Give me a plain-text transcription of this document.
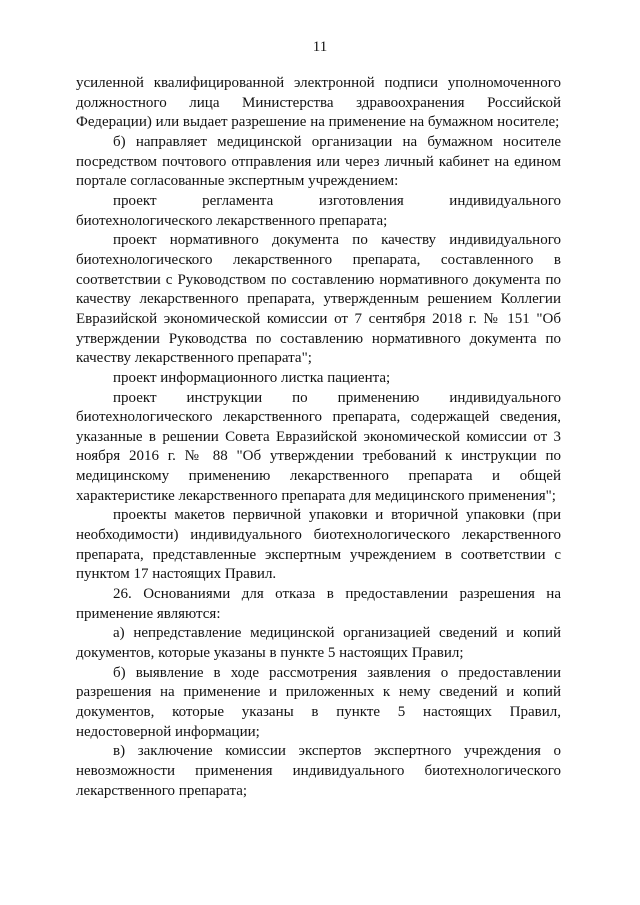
11

усиленной квалифицированной электронной подписи уполномоченного должностного лица Министерства здравоохранения Российской Федерации) или выдает разрешение на применение на бумажном носителе;

б) направляет медицинской организации на бумажном носителе посредством почтового отправления или через личный кабинет на едином портале согласованные экспертным учреждением:

проект регламента изготовления индивидуального биотехнологического лекарственного препарата;

проект нормативного документа по качеству индивидуального биотехнологического лекарственного препарата, составленного в соответствии с Руководством по составлению нормативного документа по качеству лекарственного препарата, утвержденным решением Коллегии Евразийской экономической комиссии от 7 сентября 2018 г. № 151 "Об утверждении Руководства по составлению нормативного документа по качеству лекарственного препарата";

проект информационного листка пациента;

проект инструкции по применению индивидуального биотехнологического лекарственного препарата, содержащей сведения, указанные в решении Совета Евразийской экономической комиссии от 3 ноября 2016 г. № 88 "Об утверждении требований к инструкции по медицинскому применению лекарственного препарата и общей характеристике лекарственного препарата для медицинского применения";

проекты макетов первичной упаковки и вторичной упаковки (при необходимости) индивидуального биотехнологического лекарственного препарата, представленные экспертным учреждением в соответствии с пунктом 17 настоящих Правил.

26. Основаниями для отказа в предоставлении разрешения на применение являются:

а) непредставление медицинской организацией сведений и копий документов, которые указаны в пункте 5 настоящих Правил;

б) выявление в ходе рассмотрения заявления о предоставлении разрешения на применение и приложенных к нему сведений и копий документов, которые указаны в пункте 5 настоящих Правил, недостоверной информации;

в) заключение комиссии экспертов экспертного учреждения о невозможности применения индивидуального биотехнологического лекарственного препарата;
